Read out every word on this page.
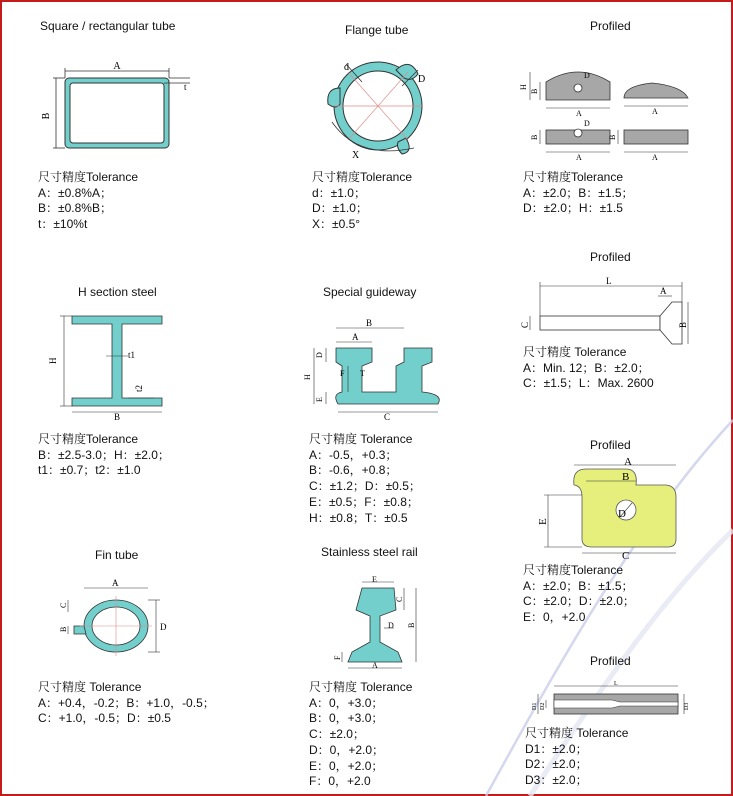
Square / rectangular tube
A
B
t
尺寸精度Tolerance
A：±0.8%A；
B：±0.8%B；
t：±10%t
Flange tube
d
D
X
尺寸精度Tolerance
d：±1.0；
D：±1.0；
X：±0.5°
Profiled
H
B
B	B
D
D
A	A
A	A
尺寸精度Tolerance
A：±2.0；B：±1.5；
D：±2.0；H：±1.5
H section steel
H
B
t1
t2
尺寸精度Tolerance
B：±2.5-3.0；H：±2.0；
t1：±0.7；t2：±1.0
Special guideway
B
A
C
D
H
E
F T
尺寸精度 Tolerance
A：-0.5，+0.3；
B：-0.6，+0.8；
C：±1.2；D：±0.5；
E：±0.5；F：±0.8；
H：±0.8；T：±0.5
Profiled
L
A
C	B
尺寸精度 Tolerance
A：Min. 12；B：±2.0；
C：±1.5；L：Max. 2600
Profiled
A
B
C
D
E
尺寸精度Tolerance
A：±2.0；B：±1.5；
C：±2.0；D：±2.0；
E：0，+2.0
Fin tube
A
D
C
B
尺寸精度 Tolerance
A：+0.4，-0.2；B：+1.0，-0.5；
C：+1.0，-0.5；D：±0.5
Stainless steel rail
E
A
C
B
D
F
尺寸精度 Tolerance
A：0，+3.0；
B：0，+3.0；
C：±2.0；
D：0，+2.0；
E：0，+2.0；
F：0，+2.0
Profiled
L
D1 D2	D3
尺寸精度 Tolerance
D1：±2.0；
D2：±2.0；
D3：±2.0；
